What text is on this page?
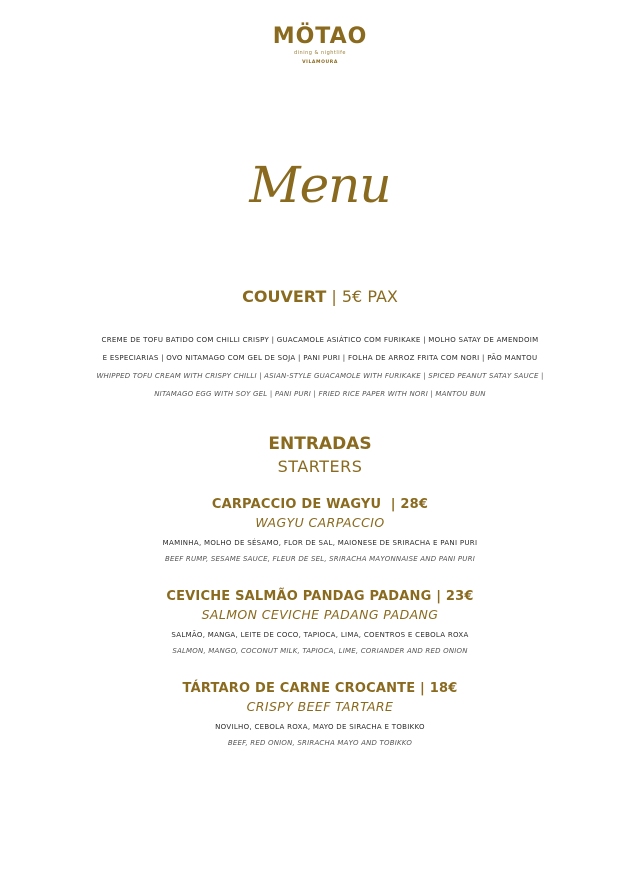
MÖTAO
dining & nightlife
VILAMOURA
Menu
COUVERT | 5€ PAX
CREME DE TOFU BATIDO COM CHILLI CRISPY | GUACAMOLE ASIÁTICO COM FURIKAKE | MOLHO SATAY DE AMENDOIM
E ESPECIARIAS | OVO NITAMAGO COM GEL DE SOJA | PANI PURI | FOLHA DE ARROZ FRITA COM NORI | PÃO MANTOU
WHIPPED TOFU CREAM WITH CRISPY CHILLI | ASIAN-STYLE GUACAMOLE WITH FURIKAKE | SPICED PEANUT SATAY SAUCE |
NITAMAGO EGG WITH SOY GEL | PANI PURI | FRIED RICE PAPER WITH NORI | MANTOU BUN
ENTRADAS
STARTERS
CARPACCIO DE WAGYU  | 28€
WAGYU CARPACCIO
MAMINHA, MOLHO DE SÉSAMO, FLOR DE SAL, MAIONESE DE SRIRACHA E PANI PURI
BEEF RUMP, SESAME SAUCE, FLEUR DE SEL, SRIRACHA MAYONNAISE AND PANI PURI
CEVICHE SALMÃO PANDAG PADANG | 23€
SALMON CEVICHE PADANG PADANG
SALMÃO, MANGA, LEITE DE COCO, TAPIOCA, LIMA, COENTROS E CEBOLA ROXA
SALMON, MANGO, COCONUT MILK, TAPIOCA, LIME, CORIANDER AND RED ONION
TÁRTARO DE CARNE CROCANTE | 18€
CRISPY BEEF TARTARE
NOVILHO, CEBOLA ROXA, MAYO DE SIRACHA E TOBIKKO
BEEF, RED ONION, SRIRACHA MAYO AND TOBIKKO
